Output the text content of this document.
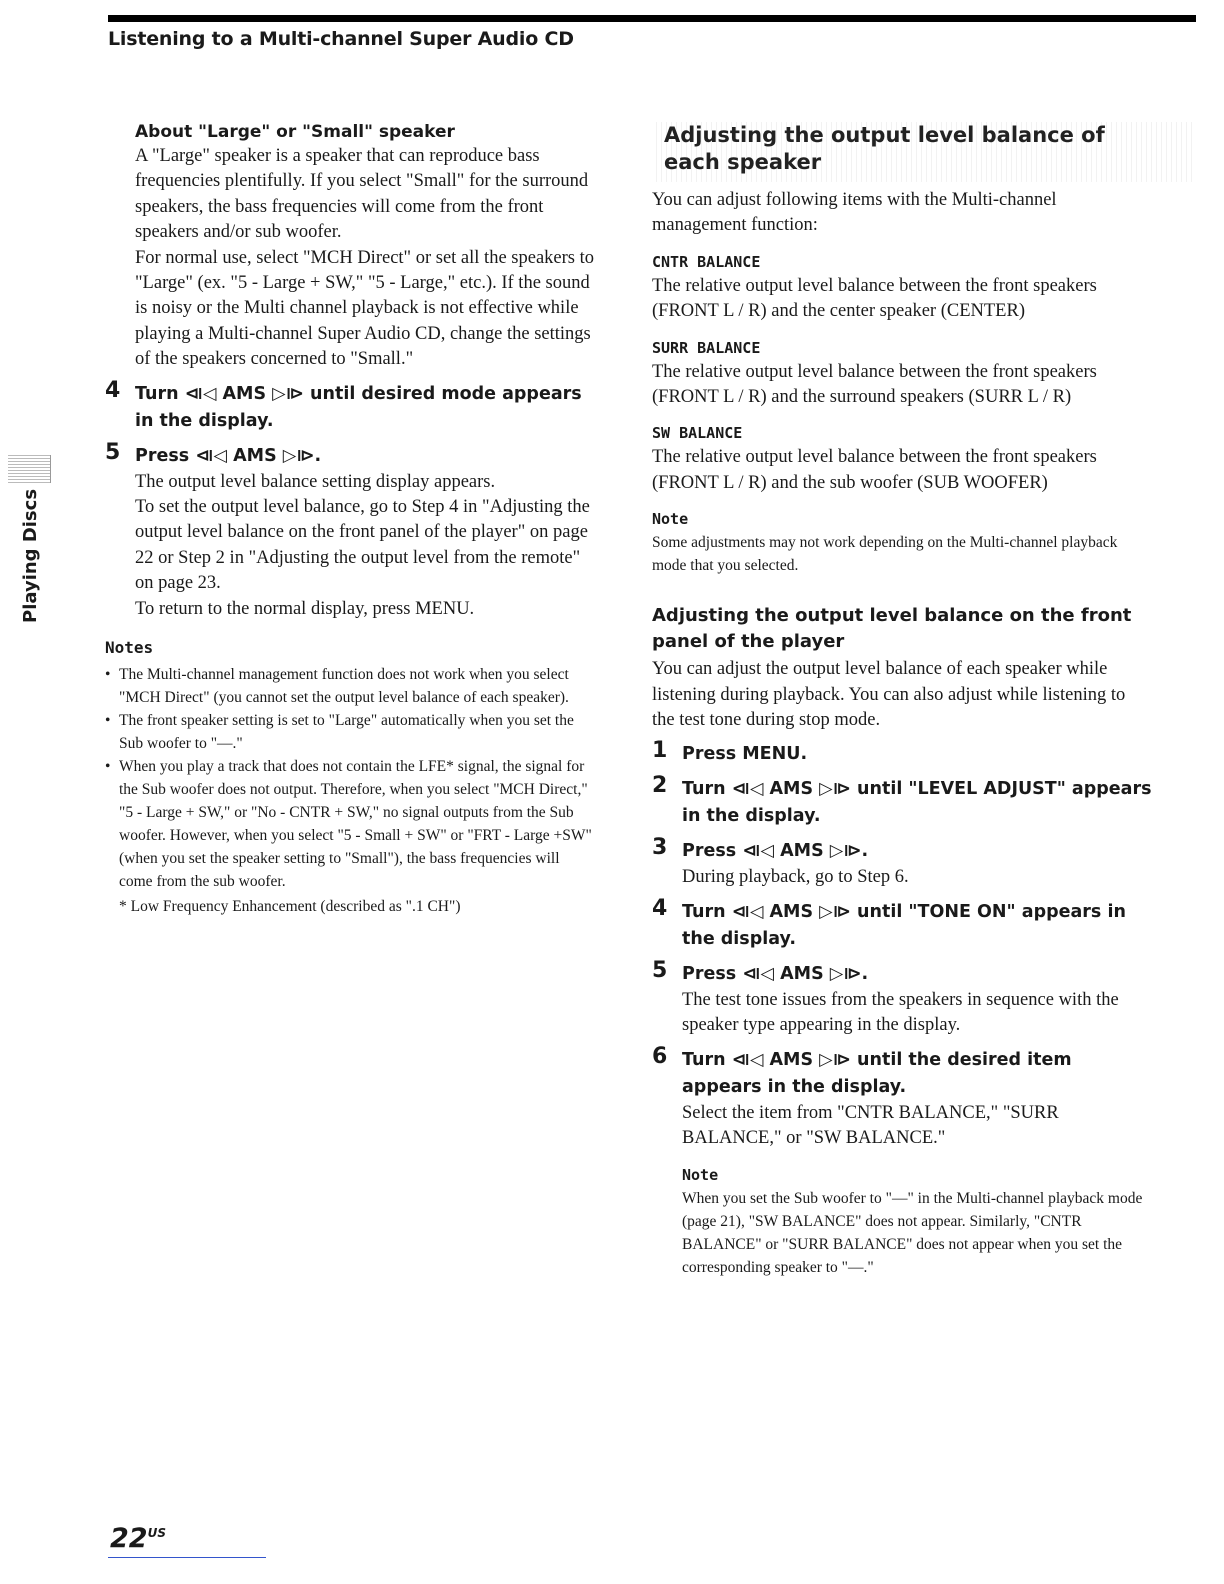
Listening to a Multi-channel Super Audio CD
Playing Discs

About "Large" or "Small" speaker

A "Large" speaker is a speaker that can reproduce bass frequencies plentifully. If you select "Small" for the surround speakers, the bass frequencies will come from the front speakers and/or sub woofer.

For normal use, select "MCH Direct" or set all the speakers to "Large" (ex. "5 - Large + SW," "5 - Large," etc.). If the sound is noisy or the Multi channel playback is not effective while playing a Multi-channel Super Audio CD, change the settings of the speakers concerned to "Small."

4 Turn ⧏◁ AMS ▷⧐ until desired mode appears in the display.

5 Press ⧏◁ AMS ▷⧐.

The output level balance setting display appears.

To set the output level balance, go to Step 4 in "Adjusting the output level balance on the front panel of the player" on page 22 or Step 2 in "Adjusting the output level from the remote" on page 23.

To return to the normal display, press MENU.

Notes

• The Multi-channel management function does not work when you select "MCH Direct" (you cannot set the output level balance of each speaker).
• The front speaker setting is set to "Large" automatically when you set the Sub woofer to "—."
• When you play a track that does not contain the LFE* signal, the signal for the Sub woofer does not output. Therefore, when you select "MCH Direct," "5 - Large + SW," or "No - CNTR + SW," no signal outputs from the Sub woofer. However, when you select "5 - Small + SW" or "FRT - Large +SW" (when you set the speaker setting to "Small"), the bass frequencies will come from the sub woofer.

* Low Frequency Enhancement (described as ".1 CH")

Adjusting the output level balance of each speaker

You can adjust following items with the Multi-channel management function:

CNTR BALANCE

The relative output level balance between the front speakers (FRONT L / R) and the center speaker (CENTER)

SURR BALANCE

The relative output level balance between the front speakers (FRONT L / R) and the surround speakers (SURR L / R)

SW BALANCE

The relative output level balance between the front speakers (FRONT L / R) and the sub woofer (SUB WOOFER)

Note

Some adjustments may not work depending on the Multi-channel playback mode that you selected.

Adjusting the output level balance on the front panel of the player

You can adjust the output level balance of each speaker while listening during playback. You can also adjust while listening to the test tone during stop mode.

1 Press MENU.

2 Turn ⧏◁ AMS ▷⧐ until "LEVEL ADJUST" appears in the display.

3 Press ⧏◁ AMS ▷⧐.

During playback, go to Step 6.

4 Turn ⧏◁ AMS ▷⧐ until "TONE ON" appears in the display.

5 Press ⧏◁ AMS ▷⧐.

The test tone issues from the speakers in sequence with the speaker type appearing in the display.

6 Turn ⧏◁ AMS ▷⧐ until the desired item appears in the display.

Select the item from "CNTR BALANCE," "SURR BALANCE," or "SW BALANCE."

Note

When you set the Sub woofer to "—" in the Multi-channel playback mode (page 21), "SW BALANCE" does not appear. Similarly, "CNTR BALANCE" or "SURR BALANCE" does not appear when you set the corresponding speaker to "—."

$22^{US}$
